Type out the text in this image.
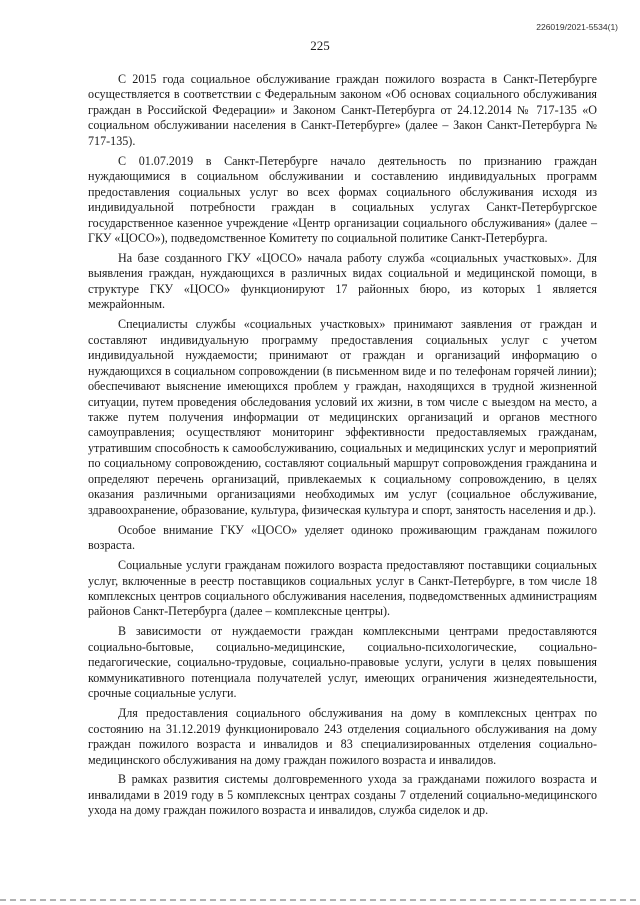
226019/2021-5534(1)
225

С 2015 года социальное обслуживание граждан пожилого возраста в Санкт-Петербурге осуществляется в соответствии с Федеральным законом «Об основах социального обслуживания граждан в Российской Федерации» и Законом Санкт-Петербурга от 24.12.2014 № 717-135 «О социальном обслуживании населения в Санкт-Петербурге» (далее – Закон Санкт-Петербурга № 717-135).

С 01.07.2019 в Санкт-Петербурге начало деятельность по признанию граждан нуждающимися в социальном обслуживании и составлению индивидуальных программ предоставления социальных услуг во всех формах социального обслуживания исходя из индивидуальной потребности граждан в социальных услугах Санкт-Петербургское государственное казенное учреждение «Центр организации социального обслуживания» (далее – ГКУ «ЦОСО»), подведомственное Комитету по социальной политике Санкт-Петербурга.

На базе созданного ГКУ «ЦОСО» начала работу служба «социальных участковых». Для выявления граждан, нуждающихся в различных видах социальной и медицинской помощи, в структуре ГКУ «ЦОСО» функционируют 17 районных бюро, из которых 1 является межрайонным.

Специалисты службы «социальных участковых» принимают заявления от граждан и составляют индивидуальную программу предоставления социальных услуг с учетом индивидуальной нуждаемости; принимают от граждан и организаций информацию о нуждающихся в социальном сопровождении (в письменном виде и по телефонам горячей линии); обеспечивают выяснение имеющихся проблем у граждан, находящихся в трудной жизненной ситуации, путем проведения обследования условий их жизни, в том числе с выездом на место, а также путем получения информации от медицинских организаций и органов местного самоуправления; осуществляют мониторинг эффективности предоставляемых гражданам, утратившим способность к самообслуживанию, социальных и медицинских услуг и мероприятий по социальному сопровождению, составляют социальный маршрут сопровождения гражданина и определяют перечень организаций, привлекаемых к социальному сопровождению, в целях оказания различными организациями необходимых им услуг (социальное обслуживание, здравоохранение, образование, культура, физическая культура и спорт, занятость населения и др.).

Особое внимание ГКУ «ЦОСО» уделяет одиноко проживающим гражданам пожилого возраста.

Социальные услуги гражданам пожилого возраста предоставляют поставщики социальных услуг, включенные в реестр поставщиков социальных услуг в Санкт-Петербурге, в том числе 18 комплексных центров социального обслуживания населения, подведомственных администрациям районов Санкт-Петербурга (далее – комплексные центры).

В зависимости от нуждаемости граждан комплексными центрами предоставляются социально-бытовые, социально-медицинские, социально-психологические, социально-педагогические, социально-трудовые, социально-правовые услуги, услуги в целях повышения коммуникативного потенциала получателей услуг, имеющих ограничения жизнедеятельности, срочные социальные услуги.

Для предоставления социального обслуживания на дому в комплексных центрах по состоянию на 31.12.2019 функционировало 243 отделения социального обслуживания на дому граждан пожилого возраста и инвалидов и 83 специализированных отделения социально-медицинского обслуживания на дому граждан пожилого возраста и инвалидов.

В рамках развития системы долговременного ухода за гражданами пожилого возраста и инвалидами в 2019 году в 5 комплексных центрах созданы 7 отделений социально-медицинского ухода на дому граждан пожилого возраста и инвалидов, служба сиделок и др.
